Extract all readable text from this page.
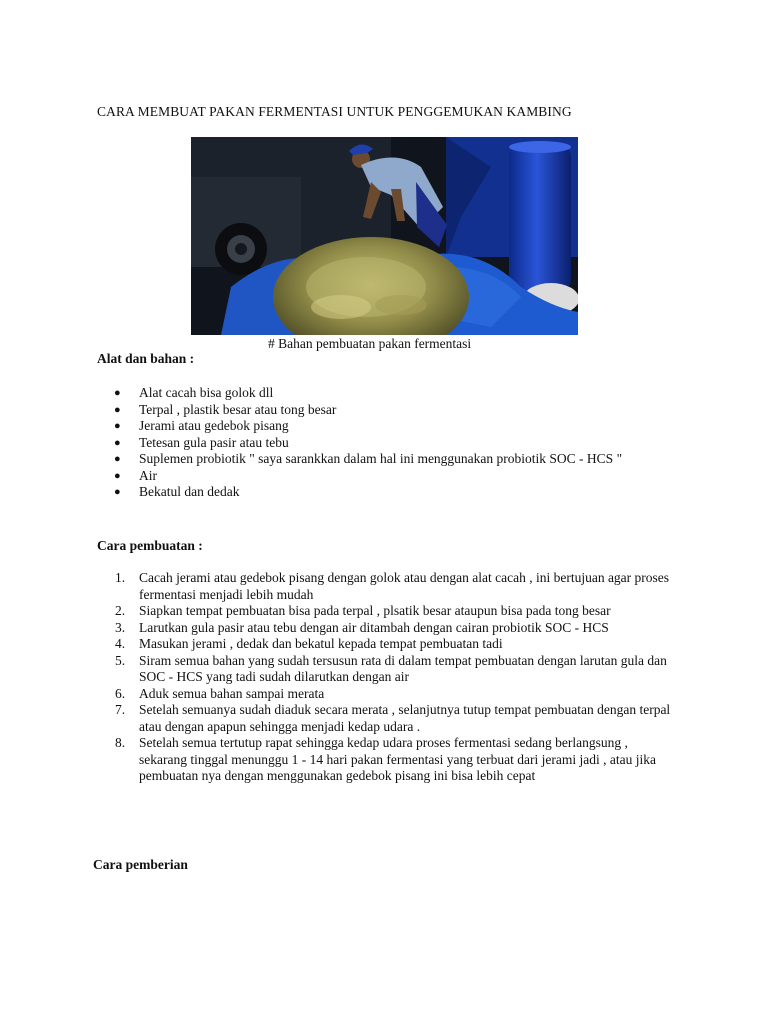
CARA MEMBUAT PAKAN FERMENTASI UNTUK PENGGEMUKAN KAMBING

# Bahan pembuatan pakan fermentasi

Alat dan bahan :
● Alat cacah bisa golok dll
● Terpal , plastik besar atau tong besar
● Jerami atau gedebok pisang
● Tetesan gula pasir atau tebu
● Suplemen probiotik " saya sarankkan dalam hal ini menggunakan probiotik SOC - HCS "
● Air
● Bekatul dan dedak
Cara pembuatan :
1. Cacah jerami atau gedebok pisang dengan golok atau dengan alat cacah , ini bertujuan agar proses fermentasi menjadi lebih mudah
2. Siapkan tempat pembuatan bisa pada terpal , plsatik besar ataupun bisa pada tong besar
3. Larutkan gula pasir atau tebu dengan air ditambah dengan cairan probiotik SOC - HCS
4. Masukan jerami , dedak dan bekatul kepada tempat pembuatan tadi
5. Siram semua bahan yang sudah tersusun rata di dalam tempat pembuatan dengan larutan gula dan SOC - HCS yang tadi sudah dilarutkan dengan air
6. Aduk semua bahan sampai merata
7. Setelah semuanya sudah diaduk secara merata , selanjutnya tutup tempat pembuatan dengan terpal atau dengan apapun sehingga menjadi kedap udara .
8. Setelah semua tertutup rapat sehingga kedap udara proses fermentasi sedang berlangsung , sekarang tinggal menunggu 1 - 14 hari pakan fermentasi yang terbuat dari jerami jadi , atau jika pembuatan nya dengan menggunakan gedebok pisang ini bisa lebih cepat
Cara pemberian
